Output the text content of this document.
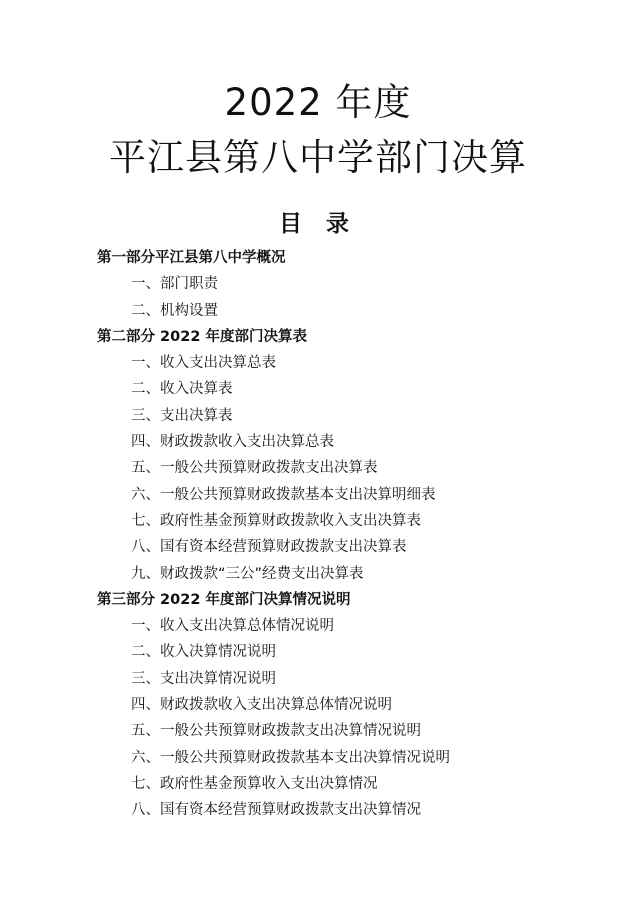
2022 年度
平江县第八中学部门决算
目 录
第一部分平江县第八中学概况
一、部门职责
二、机构设置
第二部分 2022 年度部门决算表
一、收入支出决算总表
二、收入决算表
三、支出决算表
四、财政拨款收入支出决算总表
五、一般公共预算财政拨款支出决算表
六、一般公共预算财政拨款基本支出决算明细表
七、政府性基金预算财政拨款收入支出决算表
八、国有资本经营预算财政拨款支出决算表
九、财政拨款“三公”经费支出决算表
第三部分 2022 年度部门决算情况说明
一、收入支出决算总体情况说明
二、收入决算情况说明
三、支出决算情况说明
四、财政拨款收入支出决算总体情况说明
五、一般公共预算财政拨款支出决算情况说明
六、一般公共预算财政拨款基本支出决算情况说明
七、政府性基金预算收入支出决算情况
八、国有资本经营预算财政拨款支出决算情况
